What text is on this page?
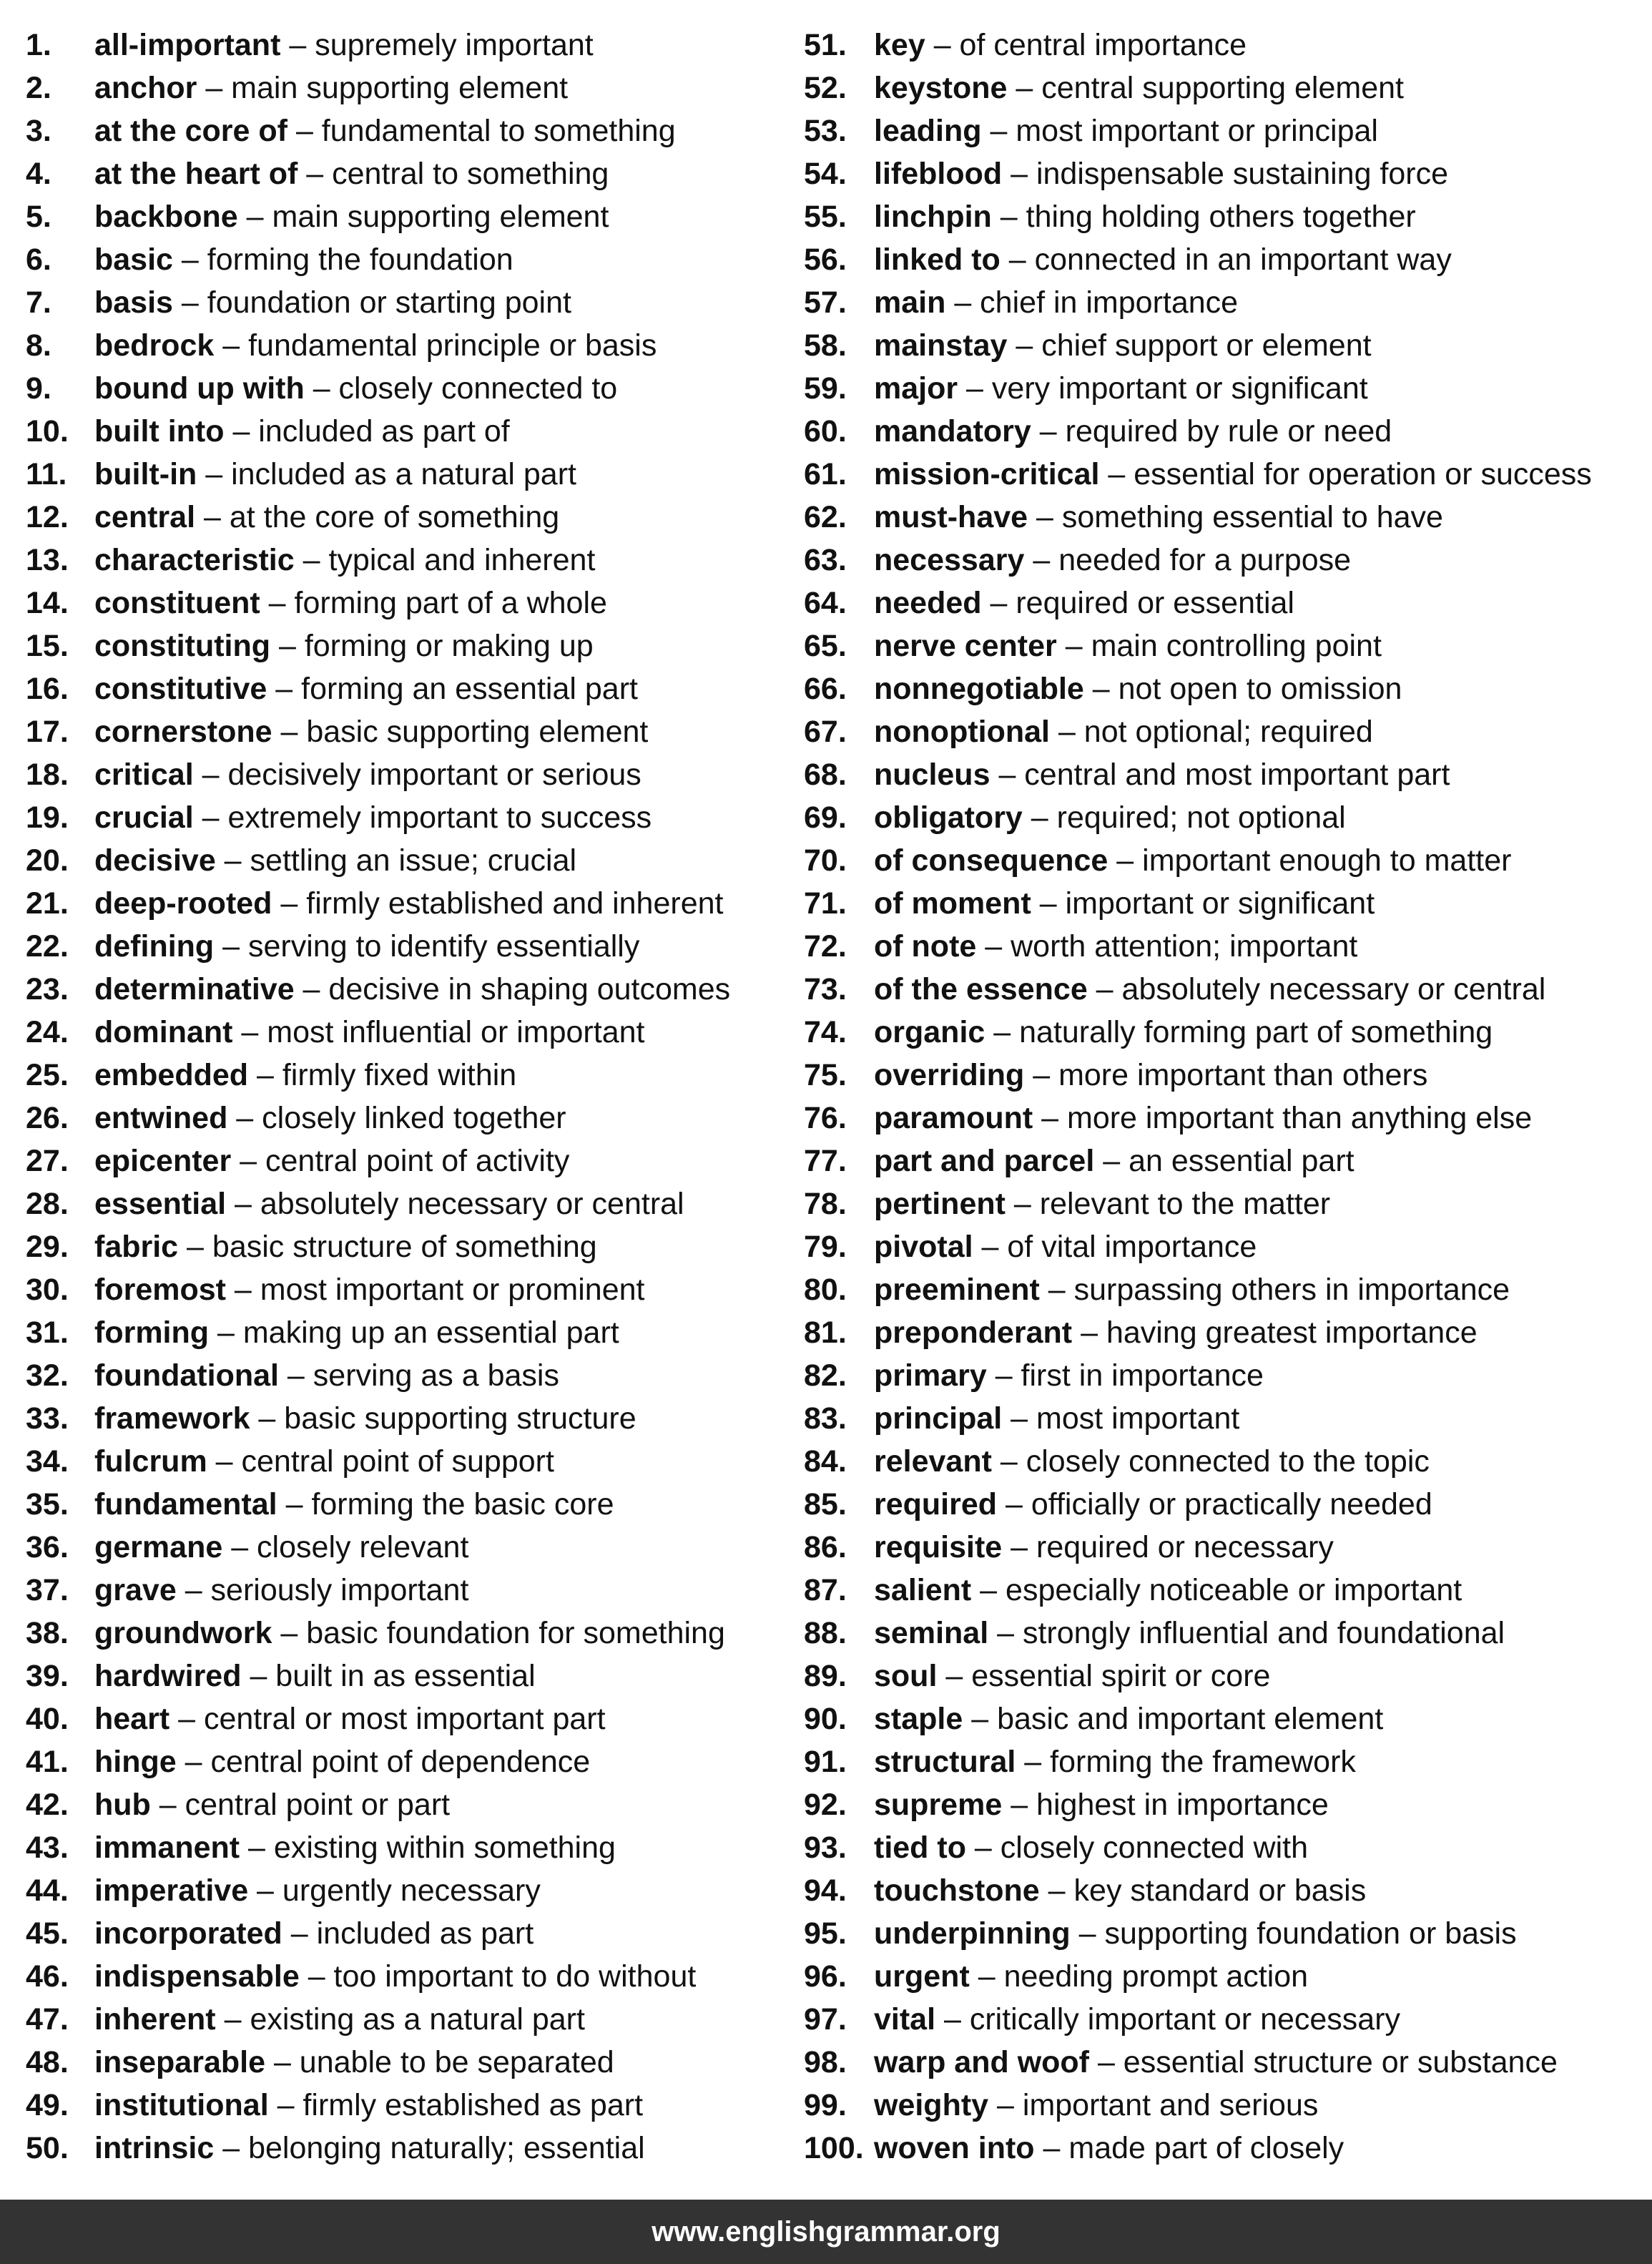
1. all-important – supremely important
2. anchor – main supporting element
3. at the core of – fundamental to something
4. at the heart of – central to something
5. backbone – main supporting element
6. basic – forming the foundation
7. basis – foundation or starting point
8. bedrock – fundamental principle or basis
9. bound up with – closely connected to
10. built into – included as part of
11. built-in – included as a natural part
12. central – at the core of something
13. characteristic – typical and inherent
14. constituent – forming part of a whole
15. constituting – forming or making up
16. constitutive – forming an essential part
17. cornerstone – basic supporting element
18. critical – decisively important or serious
19. crucial – extremely important to success
20. decisive – settling an issue; crucial
21. deep-rooted – firmly established and inherent
22. defining – serving to identify essentially
23. determinative – decisive in shaping outcomes
24. dominant – most influential or important
25. embedded – firmly fixed within
26. entwined – closely linked together
27. epicenter – central point of activity
28. essential – absolutely necessary or central
29. fabric – basic structure of something
30. foremost – most important or prominent
31. forming – making up an essential part
32. foundational – serving as a basis
33. framework – basic supporting structure
34. fulcrum – central point of support
35. fundamental – forming the basic core
36. germane – closely relevant
37. grave – seriously important
38. groundwork – basic foundation for something
39. hardwired – built in as essential
40. heart – central or most important part
41. hinge – central point of dependence
42. hub – central point or part
43. immanent – existing within something
44. imperative – urgently necessary
45. incorporated – included as part
46. indispensable – too important to do without
47. inherent – existing as a natural part
48. inseparable – unable to be separated
49. institutional – firmly established as part
50. intrinsic – belonging naturally; essential
51. key – of central importance
52. keystone – central supporting element
53. leading – most important or principal
54. lifeblood – indispensable sustaining force
55. linchpin – thing holding others together
56. linked to – connected in an important way
57. main – chief in importance
58. mainstay – chief support or element
59. major – very important or significant
60. mandatory – required by rule or need
61. mission-critical – essential for operation or success
62. must-have – something essential to have
63. necessary – needed for a purpose
64. needed – required or essential
65. nerve center – main controlling point
66. nonnegotiable – not open to omission
67. nonoptional – not optional; required
68. nucleus – central and most important part
69. obligatory – required; not optional
70. of consequence – important enough to matter
71. of moment – important or significant
72. of note – worth attention; important
73. of the essence – absolutely necessary or central
74. organic – naturally forming part of something
75. overriding – more important than others
76. paramount – more important than anything else
77. part and parcel – an essential part
78. pertinent – relevant to the matter
79. pivotal – of vital importance
80. preeminent – surpassing others in importance
81. preponderant – having greatest importance
82. primary – first in importance
83. principal – most important
84. relevant – closely connected to the topic
85. required – officially or practically needed
86. requisite – required or necessary
87. salient – especially noticeable or important
88. seminal – strongly influential and foundational
89. soul – essential spirit or core
90. staple – basic and important element
91. structural – forming the framework
92. supreme – highest in importance
93. tied to – closely connected with
94. touchstone – key standard or basis
95. underpinning – supporting foundation or basis
96. urgent – needing prompt action
97. vital – critically important or necessary
98. warp and woof – essential structure or substance
99. weighty – important and serious
100. woven into – made part of closely
www.englishgrammar.org
